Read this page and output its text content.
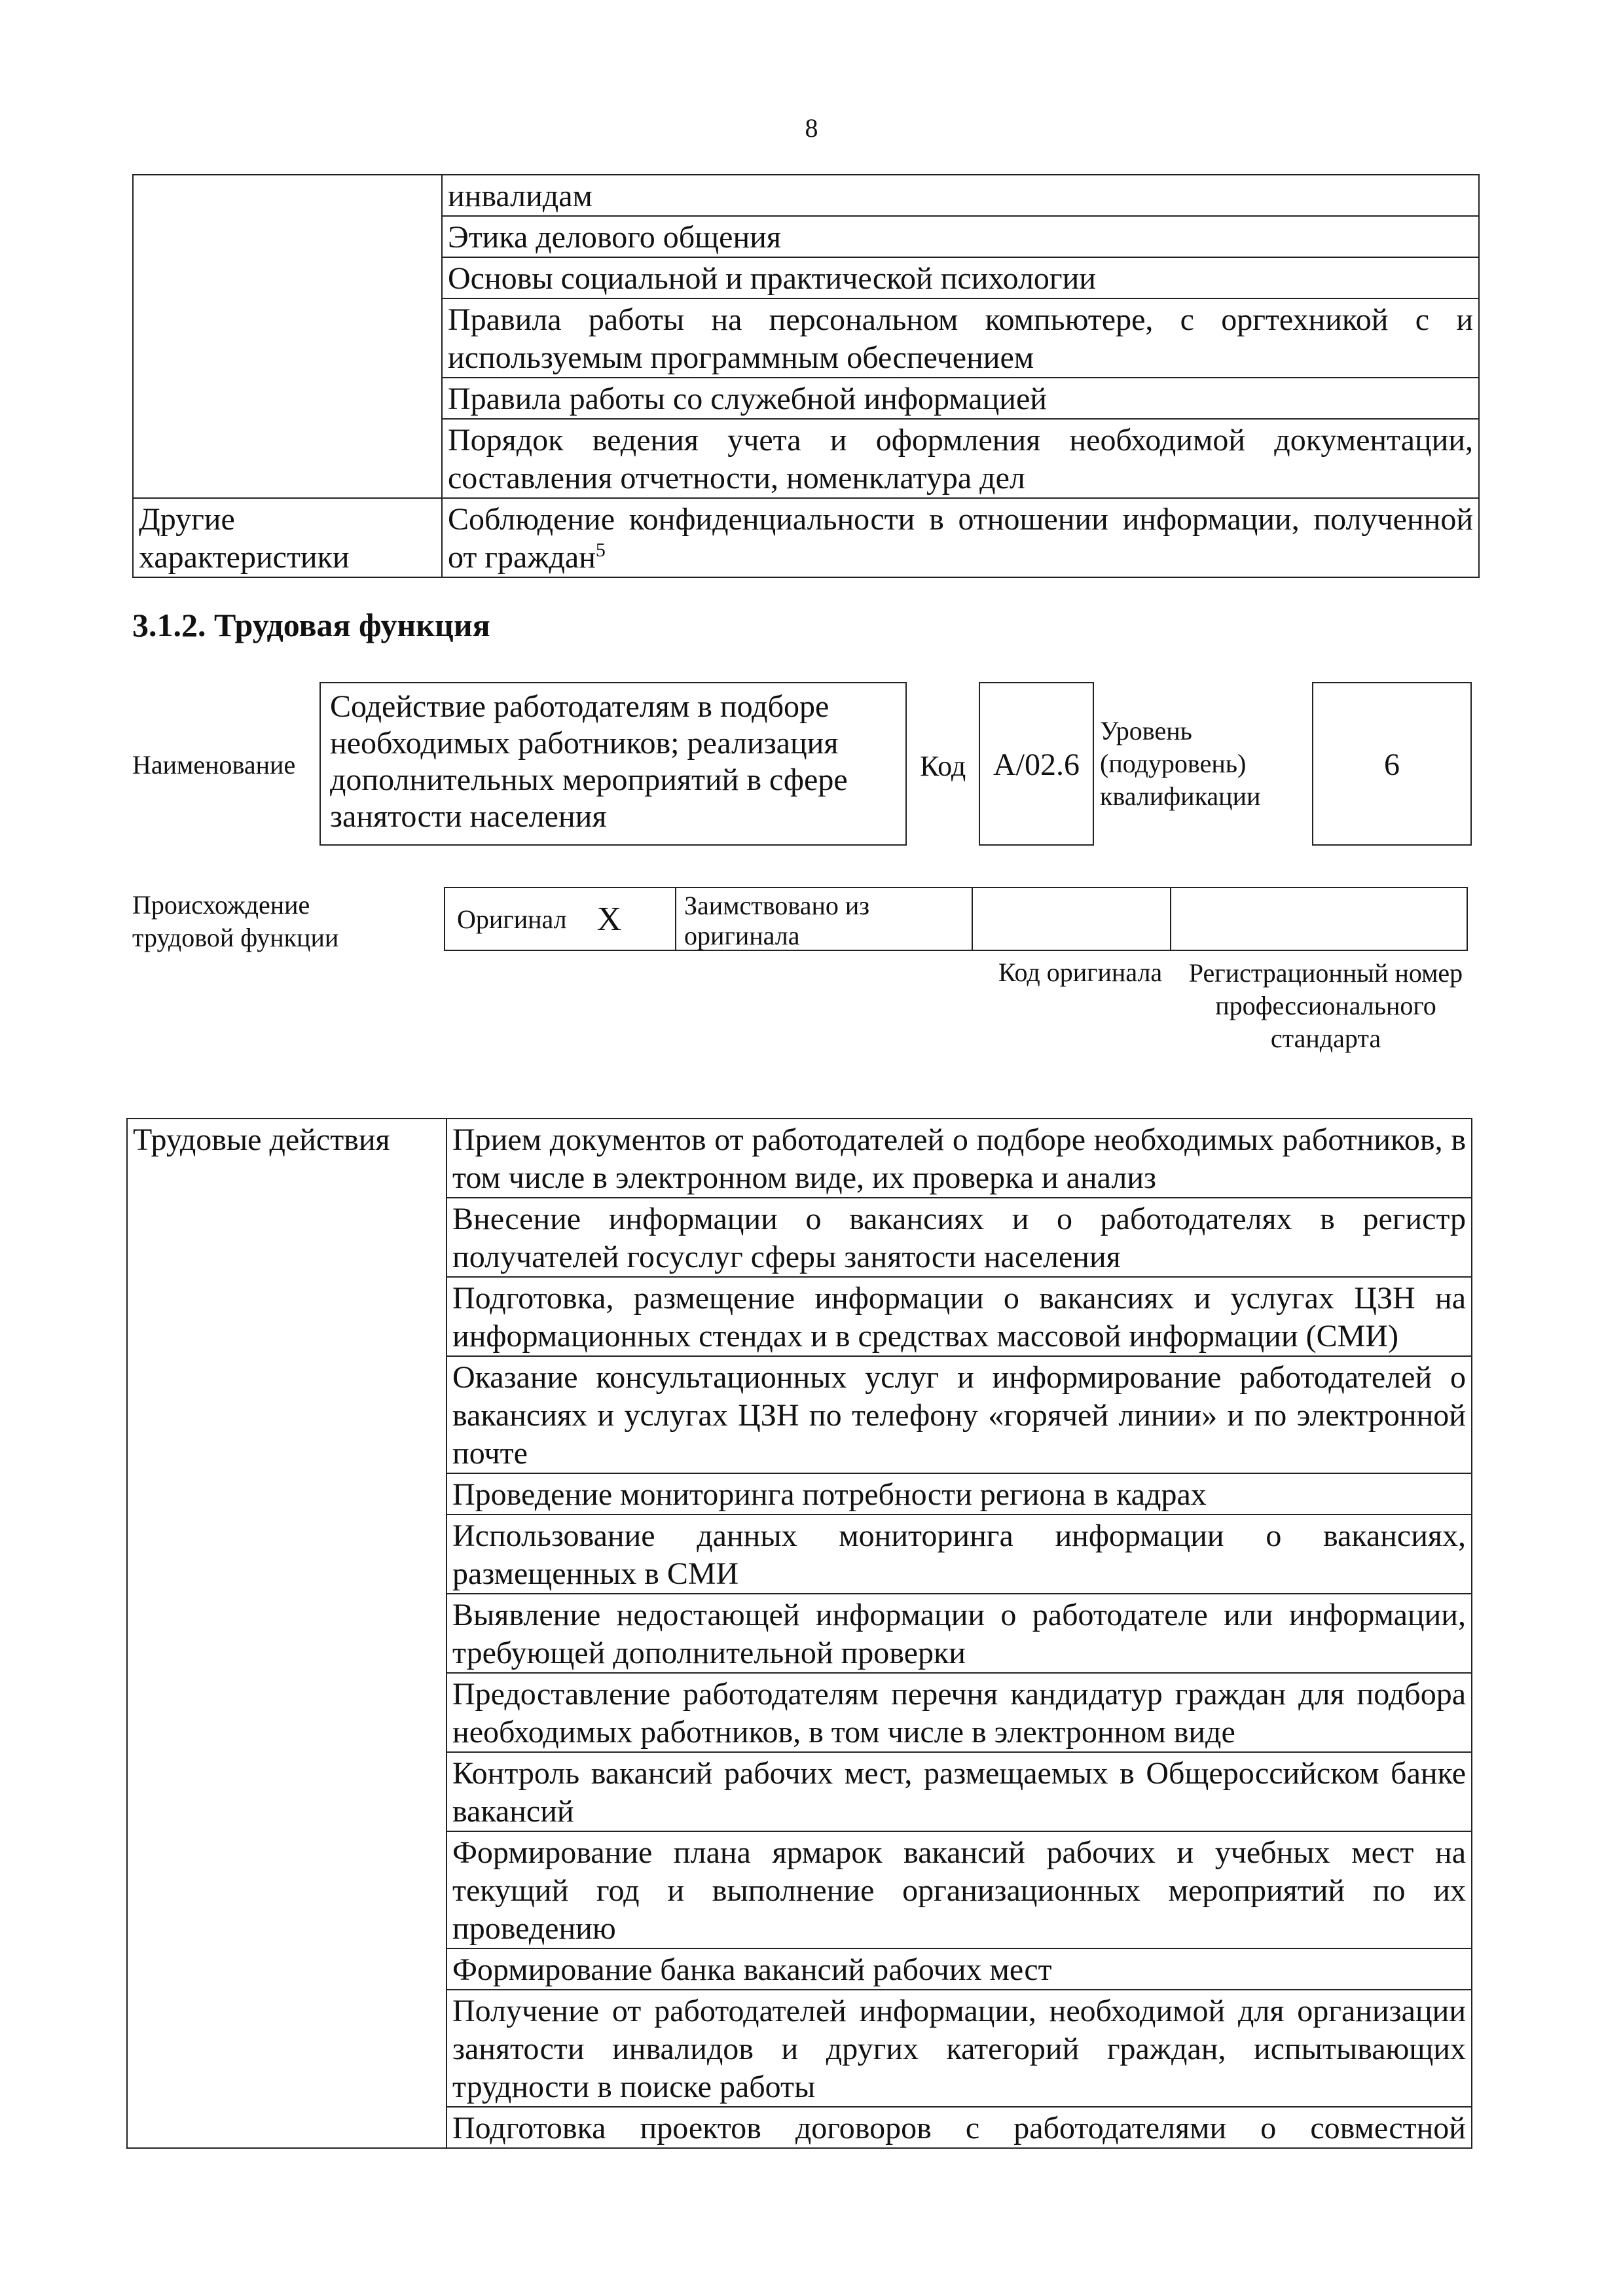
8
	инвалидам
	Этика делового общения
	Основы социальной и практической психологии
	Правила работы на персональном компьютере, с оргтехникой с и используемым программным обеспечением
	Правила работы со служебной информацией
	Порядок ведения учета и оформления необходимой документации, составления отчетности, номенклатура дел
Другие характеристики	Соблюдение конфиденциальности в отношении информации, полученной от граждан$^5$
3.1.2. Трудовая функция
Наименование
Содействие работодателям в подборе необходимых работников; реализация дополнительных мероприятий в сфере занятости населения
Код A/02.6
Уровень (подуровень) квалификации
6
Происхождение трудовой функции
Оригинал X	Заимствовано из оригинала
Код оригинала	Регистрационный номер профессионального стандарта
Трудовые действия	Прием документов от работодателей о подборе необходимых работников, в том числе в электронном виде, их проверка и анализ
Внесение информации о вакансиях и о работодателях в регистр получателей госуслуг сферы занятости населения
Подготовка, размещение информации о вакансиях и услугах ЦЗН на информационных стендах и в средствах массовой информации (СМИ)
Оказание консультационных услуг и информирование работодателей о вакансиях и услугах ЦЗН по телефону «горячей линии» и по электронной почте
Проведение мониторинга потребности региона в кадрах
Использование данных мониторинга информации о вакансиях, размещенных в СМИ
Выявление недостающей информации о работодателе или информации, требующей дополнительной проверки
Предоставление работодателям перечня кандидатур граждан для подбора необходимых работников, в том числе в электронном виде
Контроль вакансий рабочих мест, размещаемых в Общероссийском банке вакансий
Формирование плана ярмарок вакансий рабочих и учебных мест на текущий год и выполнение организационных мероприятий по их проведению
Формирование банка вакансий рабочих мест
Получение от работодателей информации, необходимой для организации занятости инвалидов и других категорий граждан, испытывающих трудности в поиске работы
Подготовка проектов договоров с работодателями о совместной
